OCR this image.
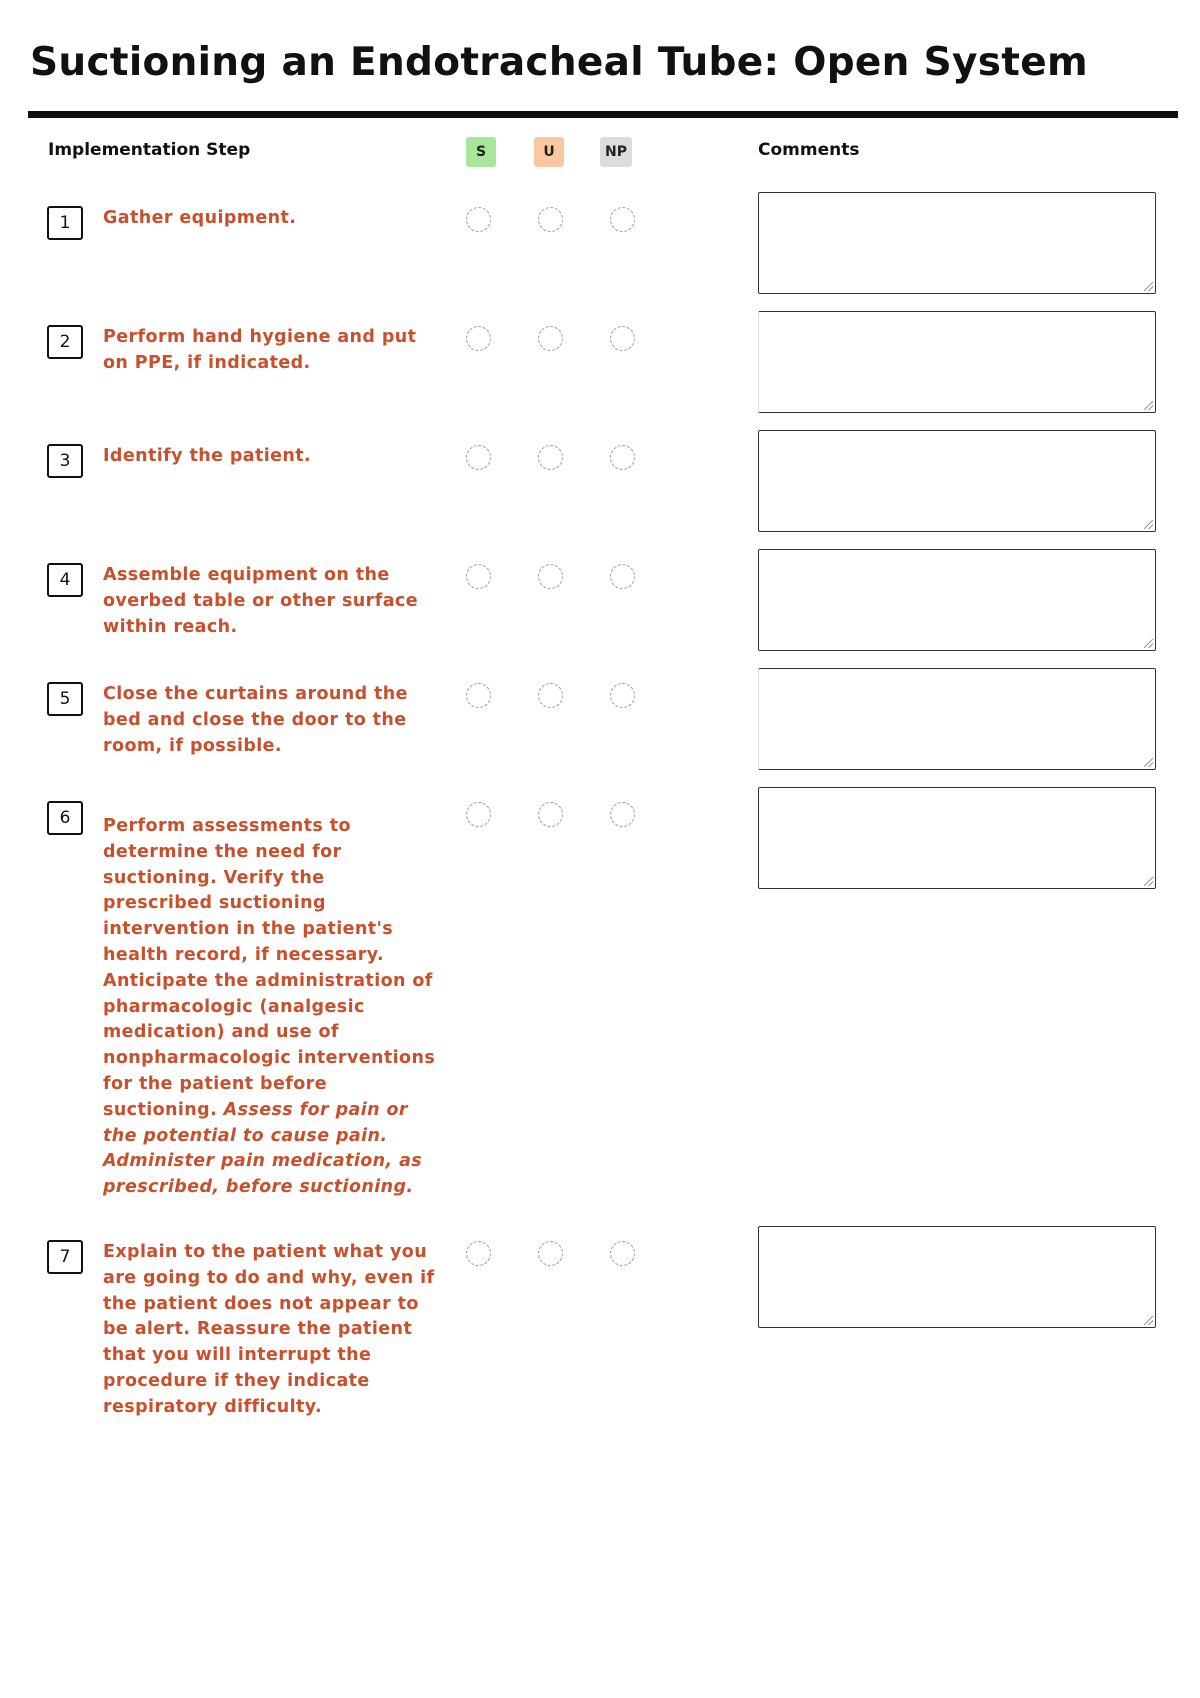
Suctioning an Endotracheal Tube: Open System
Implementation Step	S	U	NP	Comments
1	Gather equipment.
2	Perform hand hygiene and put on PPE, if indicated.
3	Identify the patient.
4	Assemble equipment on the overbed table or other surface within reach.
5	Close the curtains around the bed and close the door to the room, if possible.
6	Perform assessments to determine the need for suctioning. Verify the prescribed suctioning intervention in the patient's health record, if necessary. Anticipate the administration of pharmacologic (analgesic medication) and use of nonpharmacologic interventions for the patient before suctioning. Assess for pain or the potential to cause pain. Administer pain medication, as prescribed, before suctioning.
7	Explain to the patient what you are going to do and why, even if the patient does not appear to be alert. Reassure the patient that you will interrupt the procedure if they indicate respiratory difficulty.
